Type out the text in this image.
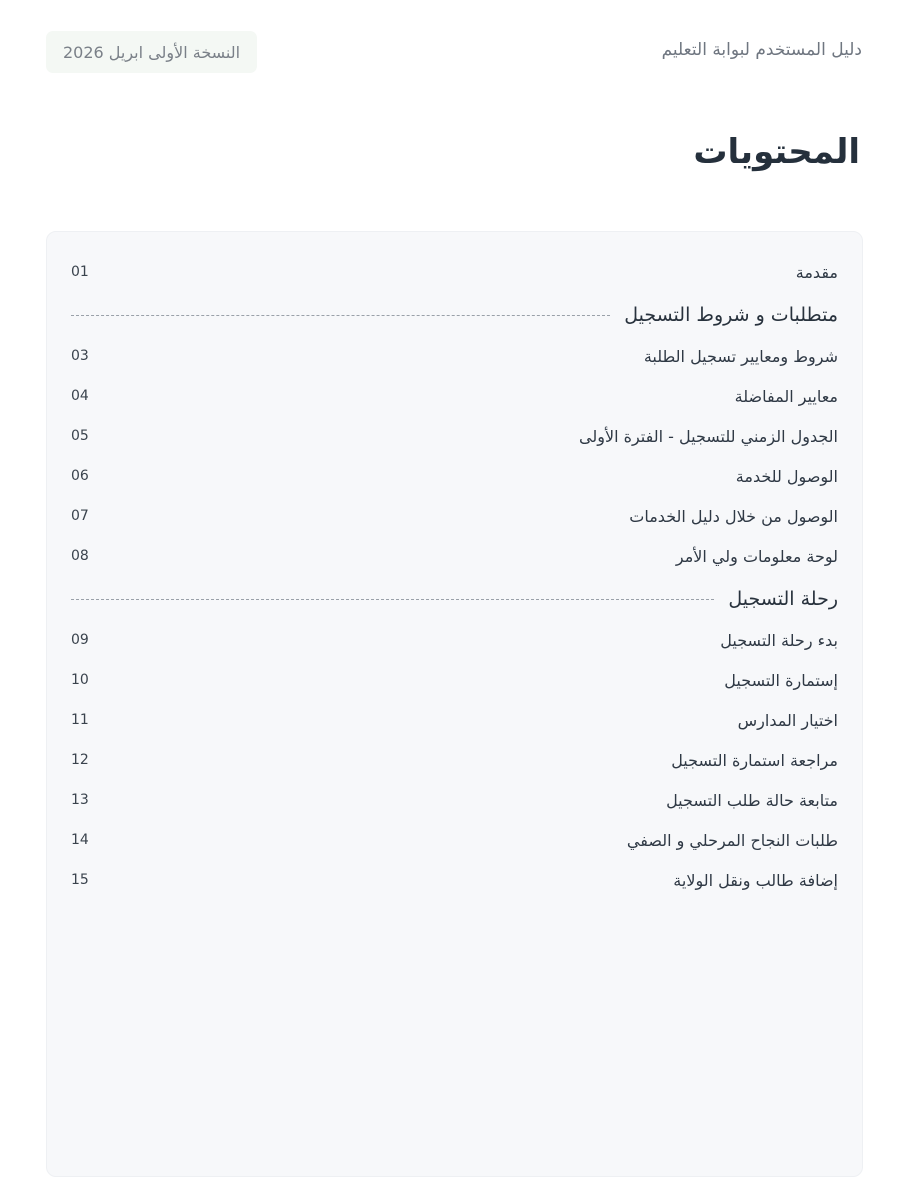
دليل المستخدم لبوابة التعليم
النسخة الأولى ابريل 2026
المحتويات
مقدمة
01
متطلبات و شروط التسجيل
شروط ومعايير تسجيل الطلبة
03
معايير المفاضلة
04
الجدول الزمني للتسجيل - الفترة الأولى
05
الوصول للخدمة
06
الوصول من خلال دليل الخدمات
07
لوحة معلومات ولي الأمر
08
رحلة التسجيل
بدء رحلة التسجيل
09
إستمارة التسجيل
10
اختيار المدارس
11
مراجعة استمارة التسجيل
12
متابعة حالة طلب التسجيل
13
طلبات النجاح المرحلي و الصفي
14
إضافة طالب ونقل الولاية
15
